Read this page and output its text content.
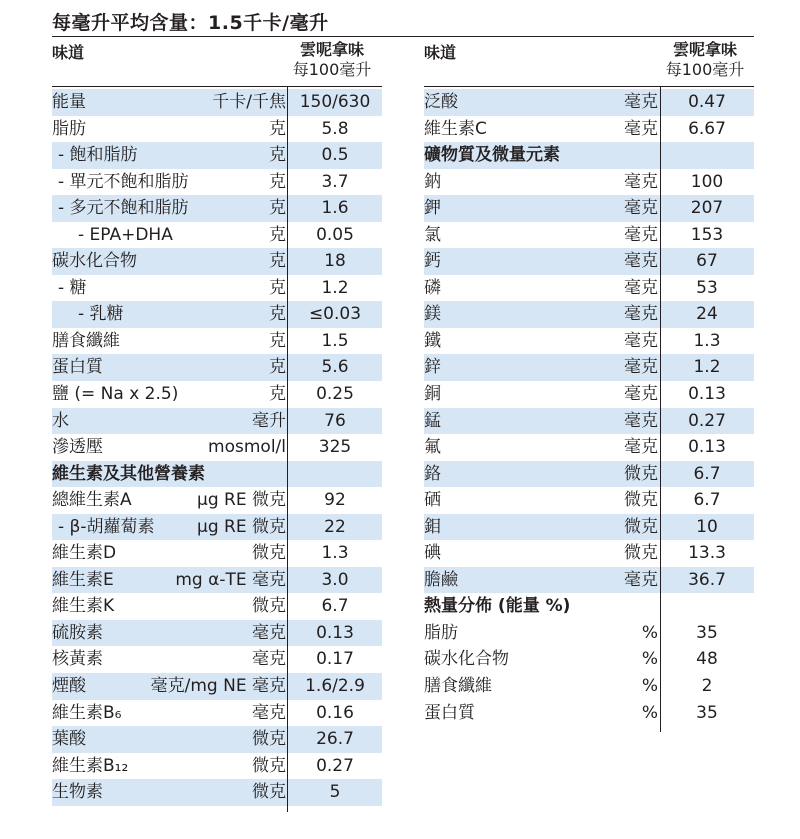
每毫升平均含量：1.5千卡/毫升
味道	雲呢拿味
每100毫升
味道	雲呢拿味
每100毫升
能量	千卡/千焦 150/630
脂肪	克	5.8
- 飽和脂肪	克	0.5
- 單元不飽和脂肪	克	3.7
- 多元不飽和脂肪	克	1.6
- EPA+DHA	克	0.05
碳水化合物	克	18
- 糖	克	1.2
- 乳糖	克	≤0.03
膳食纖維	克	1.5
蛋白質	克	5.6
鹽 (= Na x 2.5)	克	0.25
水	毫升	76
滲透壓	mosmol/l	325
維生素及其他營養素
總維生素A	µg RE 微克	92
- β-胡蘿蔔素	µg RE 微克	22
維生素D	微克	1.3
維生素E	mg α-TE 毫克	3.0
維生素K	微克	6.7
硫胺素	毫克	0.13
核黃素	毫克	0.17
煙酸	毫克/mg NE 毫克	1.6/2.9
維生素B₆	毫克	0.16
葉酸	微克	26.7
維生素B₁₂	微克	0.27
生物素	微克	5
泛酸	毫克	0.47
維生素C	毫克	6.67
礦物質及微量元素
鈉	毫克	100
鉀	毫克	207
氯	毫克	153
鈣	毫克	67
磷	毫克	53
鎂	毫克	24
鐵	毫克	1.3
鋅	毫克	1.2
銅	毫克	0.13
錳	毫克	0.27
氟	毫克	0.13
鉻	微克	6.7
硒	微克	6.7
鉬	微克	10
碘	微克	13.3
膽鹼	毫克	36.7
熱量分佈 (能量 %)
脂肪	%	35
碳水化合物	%	48
膳食纖維	%	2
蛋白質	%	35
